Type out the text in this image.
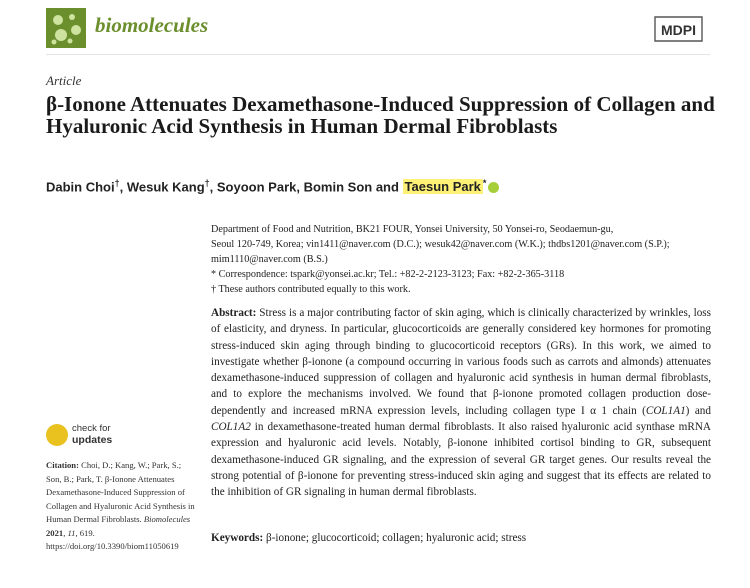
biomolecules	MDPI
Article
β-Ionone Attenuates Dexamethasone-Induced Suppression of Collagen and Hyaluronic Acid Synthesis in Human Dermal Fibroblasts
Dabin Choi†, Wesuk Kang†, Soyoon Park, Bomin Son and Taesun Park *

Department of Food and Nutrition, BK21 FOUR, Yonsei University, 50 Yonsei-ro, Seodaemun-gu,

Seoul 120-749, Korea; vin1411@naver.com (D.C.); wesuk42@naver.com (W.K.); thdbs1201@naver.com (S.P.);

mim1110@naver.com (B.S.)

* Correspondence: tspark@yonsei.ac.kr; Tel.: +82-2-2123-3123; Fax: +82-2-365-3118

† These authors contributed equally to this work.

Abstract: Stress is a major contributing factor of skin aging, which is clinically characterized by wrinkles, loss of elasticity, and dryness. In particular, glucocorticoids are generally considered key hormones for promoting stress-induced skin aging through binding to glucocorticoid receptors (GRs). In this work, we aimed to investigate whether β-ionone (a compound occurring in various foods such as carrots and almonds) attenuates dexamethasone-induced suppression of collagen and hyaluronic acid synthesis in human dermal fibroblasts, and to explore the mechanisms involved. We found that β-ionone promoted collagen production dose-dependently and increased mRNA expression levels, including collagen type I α 1 chain (COL1A1) and COL1A2 in dexamethasone-treated human dermal fibroblasts. It also raised hyaluronic acid synthase mRNA expression and hyaluronic acid levels. Notably, β-ionone inhibited cortisol binding to GR, subsequent dexamethasone-induced GR signaling, and the expression of several GR target genes. Our results reveal the strong potential of β-ionone for preventing stress-induced skin aging and suggest that its effects are related to the inhibition of GR signaling in human dermal fibroblasts.
Keywords: β-ionone; glucocorticoid; collagen; hyaluronic acid; stress
check for
updates
Citation: Choi, D.; Kang, W.; Park, S.; Son, B.; Park, T. β-Ionone Attenuates Dexamethasone-Induced Suppression of Collagen and Hyaluronic Acid Synthesis in Human Dermal Fibroblasts. Biomolecules 2021, 11, 619. https://doi.org/10.3390/biom11050619
